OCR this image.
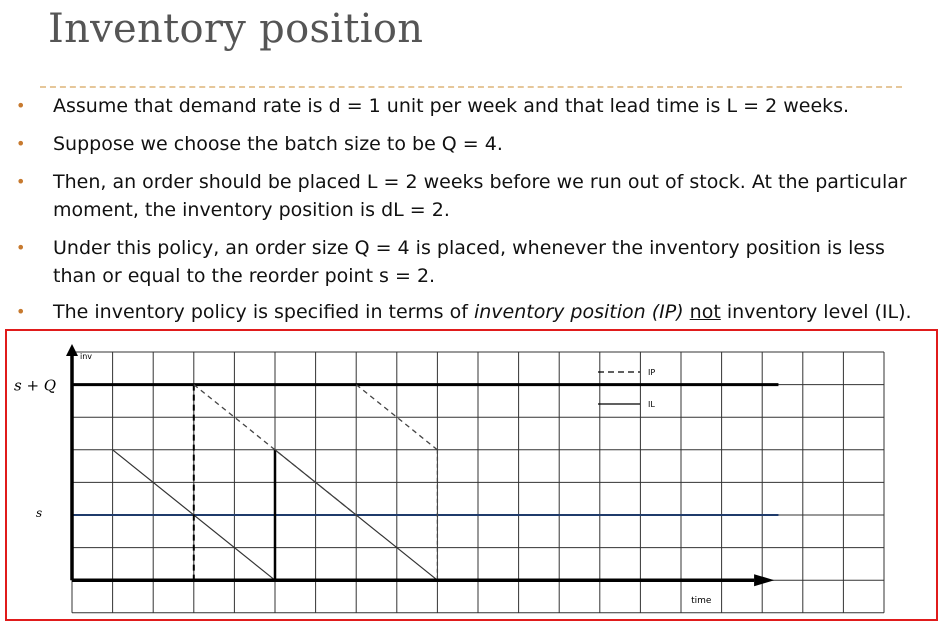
Inventory position
• Assume that demand rate is d = 1 unit per week and that lead time is L = 2 weeks.
• Suppose we choose the batch size to be Q = 4.
• Then, an order should be placed L = 2 weeks before we run out of stock. At the particular
moment, the inventory position is dL = 2.
• Under this policy, an order size Q = 4 is placed, whenever the inventory position is less
than or equal to the reorder point s = 2.
• The inventory policy is specified in terms of inventory position (IP) not inventory level (IL).
IP
IL
inv
time
s + Q
s
